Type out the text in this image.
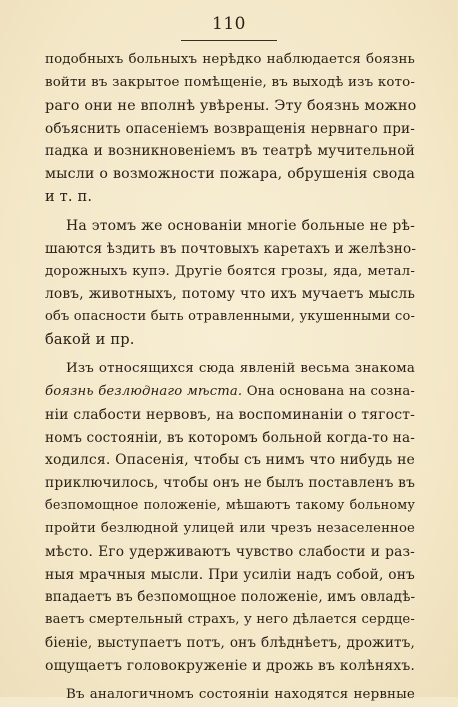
110
подобныхъ больныхъ нерѣдко наблюдается боязнь
войти въ закрытое помѣщеніе, въ выходѣ изъ кото-
раго они не вполнѣ увѣрены. Эту боязнь можно
объяснить опасеніемъ возвращенія нервнаго при-
падка и возникновеніемъ въ театрѣ мучительной
мысли о возможности пожара, обрушенія свода
и т. п.
На этомъ же основаніи многіе больные не рѣ-
шаются ѣздить въ почтовыхъ каретахъ и желѣзно-
дорожныхъ купэ. Другіе боятся грозы, яда, метал-
ловъ, животныхъ, потому что ихъ мучаетъ мысль
объ опасности быть отравленными, укушенными со-
бакой и пр.
Изъ относящихся сюда явленій весьма знакома
боязнь безлюднаго мѣста. Она основана на созна-
ніи слабости нервовъ, на воспоминаніи о тягост-
номъ состояніи, въ которомъ больной когда-то на-
ходился. Опасенія, чтобы съ нимъ что нибудь не
приключилось, чтобы онъ не былъ поставленъ въ
безпомощное положеніе, мѣшаютъ такому больному
пройти безлюдной улицей или чрезъ незаселенное
мѣсто. Его удерживаютъ чувство слабости и раз-
ныя мрачныя мысли. При усиліи надъ собой, онъ
впадаетъ въ безпомощное положеніе, имъ овладѣ-
ваетъ смертельный страхъ, у него дѣлается сердце-
біеніе, выступаетъ потъ, онъ блѣднѣетъ, дрожитъ,
ощущаетъ головокруженіе и дрожь въ колѣняхъ.
Въ аналогичномъ состояніи находятся нервные
